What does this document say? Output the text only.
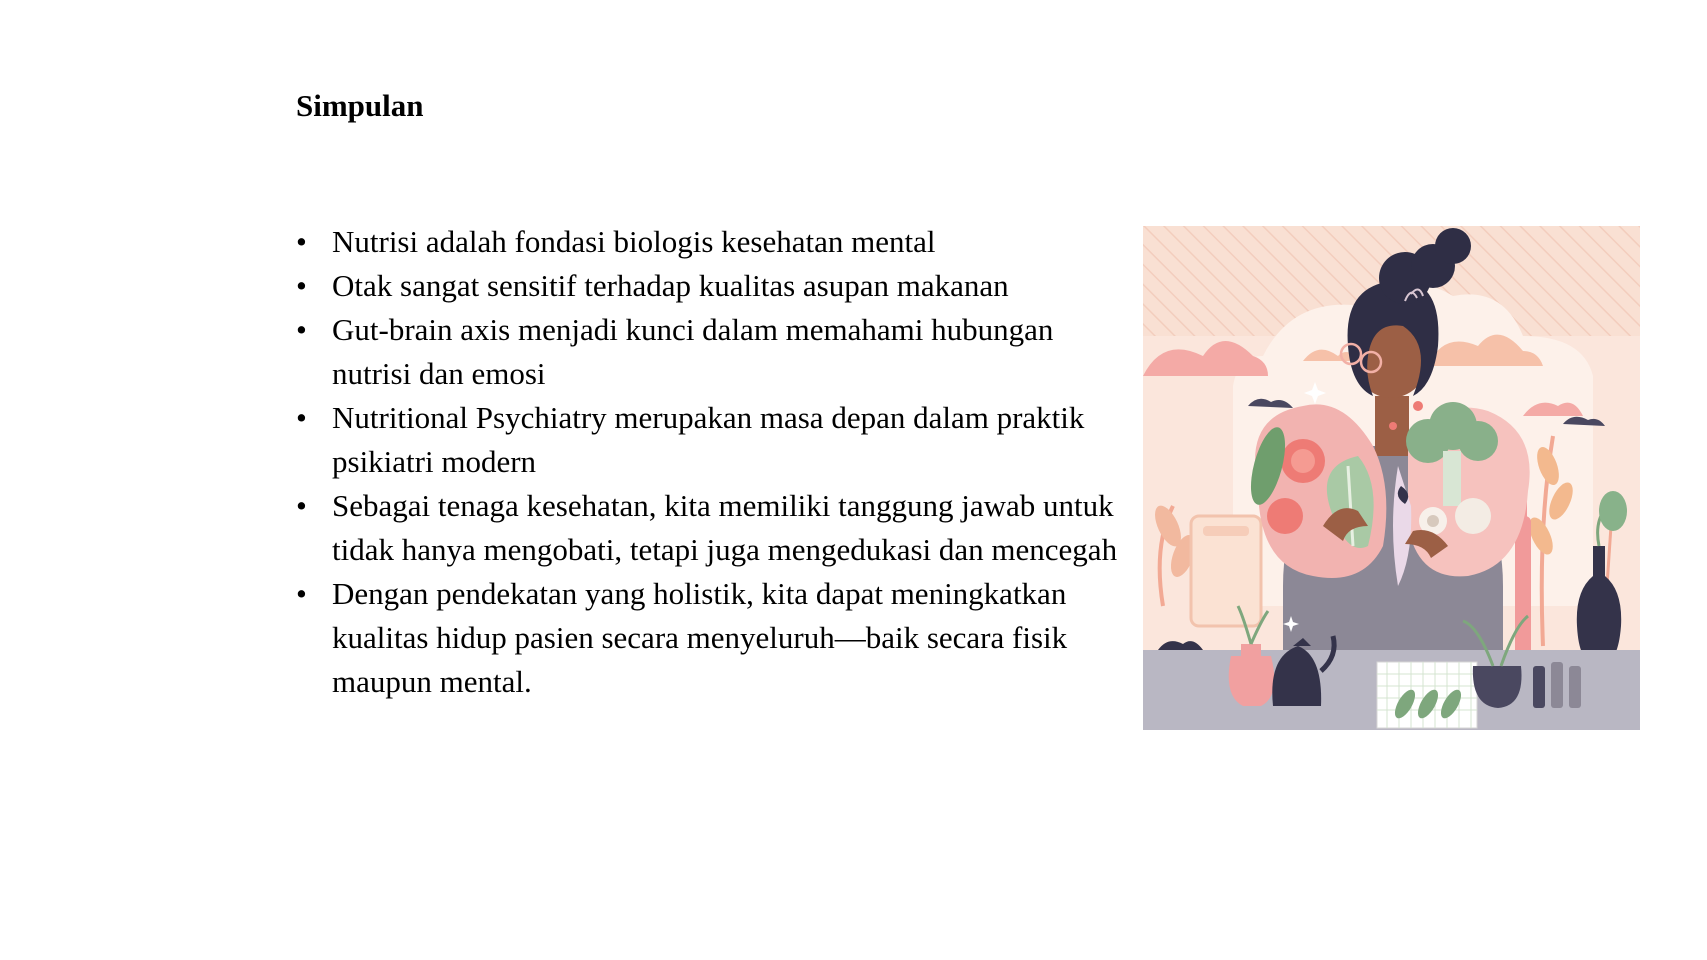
Simpulan
• Nutrisi adalah fondasi biologis kesehatan mental
• Otak sangat sensitif terhadap kualitas asupan makanan
• Gut-brain axis menjadi kunci dalam memahami hubungan nutrisi dan emosi
• Nutritional Psychiatry merupakan masa depan dalam praktik psikiatri modern
• Sebagai tenaga kesehatan, kita memiliki tanggung jawab untuk tidak hanya mengobati, tetapi juga mengedukasi dan mencegah
• Dengan pendekatan yang holistik, kita dapat meningkatkan kualitas hidup pasien secara menyeluruh—baik secara fisik maupun mental.
